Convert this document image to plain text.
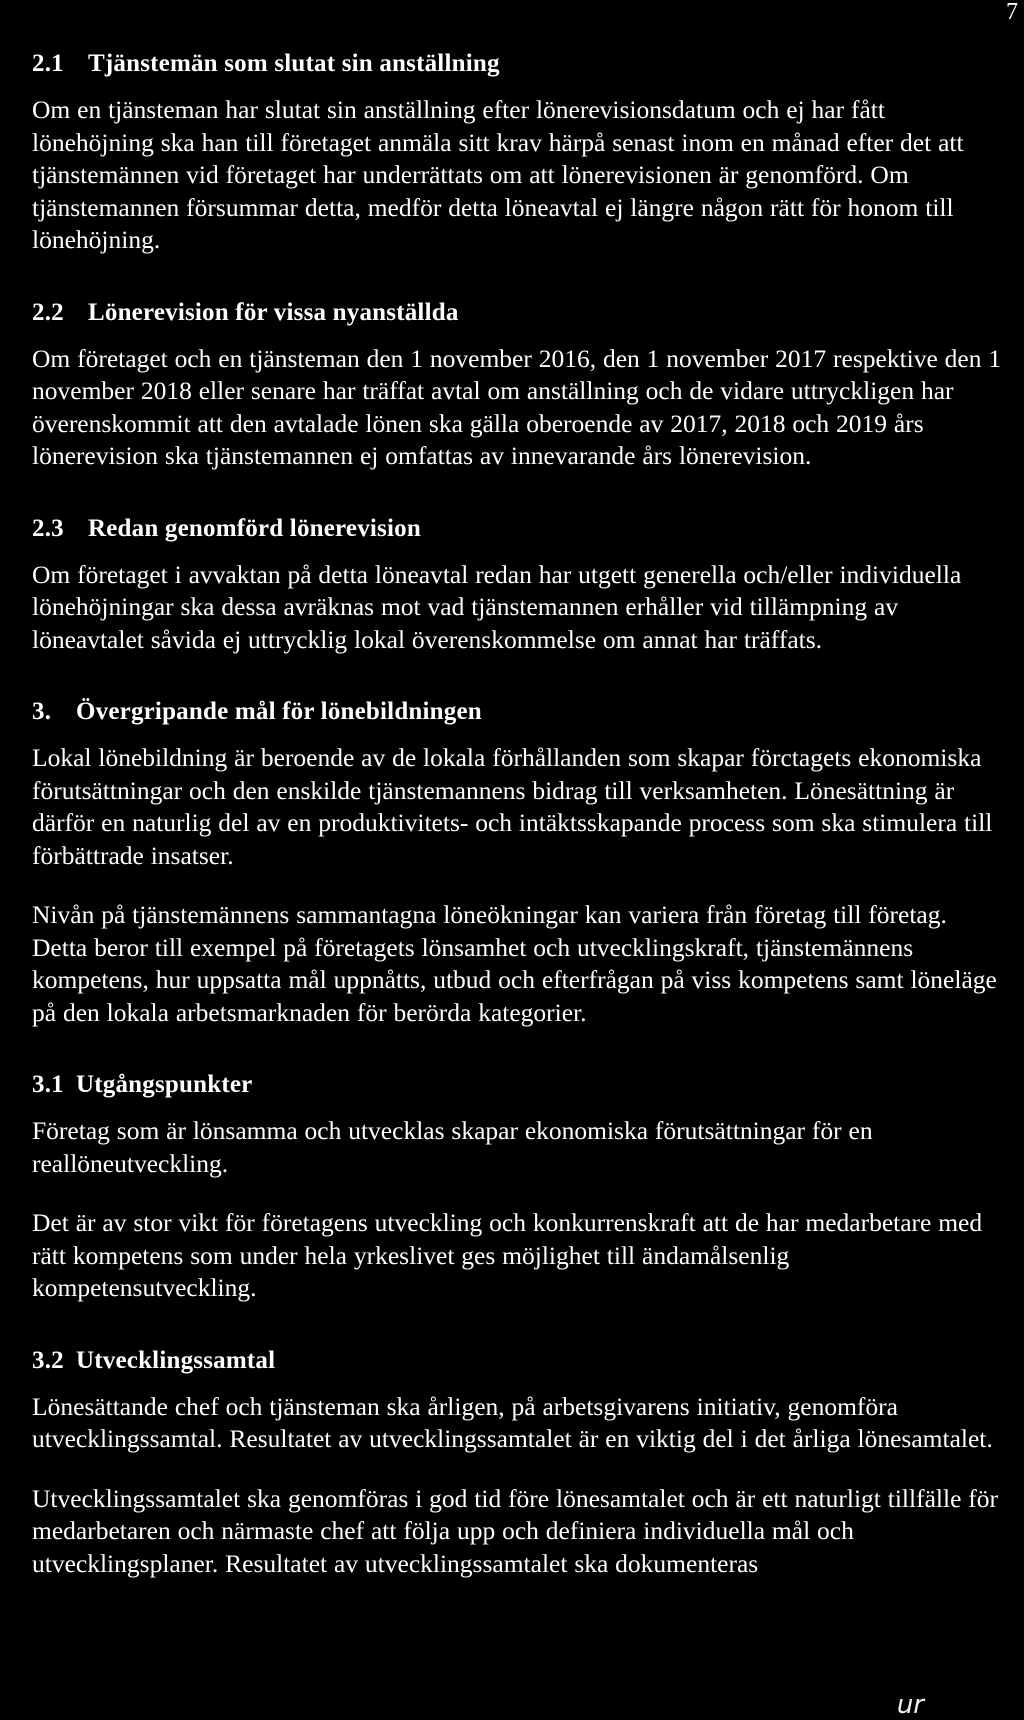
7
2.1 Tjänstemän som slutat sin anställning

Om en tjänsteman har slutat sin anställning efter lönerevisionsdatum och ej har fått lönehöjning ska han till företaget anmäla sitt krav härpå senast inom en månad efter det att tjänstemännen vid företaget har underrättats om att lönerevisionen är genomförd. Om tjänstemannen försummar detta, medför detta löneavtal ej längre någon rätt för honom till lönehöjning.

2.2 Lönerevision för vissa nyanställda

Om företaget och en tjänsteman den 1 november 2016, den 1 november 2017 respektive den 1 november 2018 eller senare har träffat avtal om anställning och de vidare uttryckligen har överenskommit att den avtalade lönen ska gälla oberoende av 2017, 2018 och 2019 års lönerevision ska tjänstemannen ej omfattas av innevarande års lönerevision.

2.3 Redan genomförd lönerevision

Om företaget i avvaktan på detta löneavtal redan har utgett generella och/eller individuella lönehöjningar ska dessa avräknas mot vad tjänstemannen erhåller vid tillämpning av löneavtalet såvida ej uttrycklig lokal överenskommelse om annat har träffats.

3. Övergripande mål för lönebildningen

Lokal lönebildning är beroende av de lokala förhållanden som skapar förctagets ekonomiska förutsättningar och den enskilde tjänstemannens bidrag till verksamheten. Lönesättning är därför en naturlig del av en produktivitets- och intäktsskapande process som ska stimulera till förbättrade insatser.

Nivån på tjänstemännens sammantagna löneökningar kan variera från företag till företag. Detta beror till exempel på företagets lönsamhet och utvecklingskraft, tjänstemännens kompetens, hur uppsatta mål uppnåtts, utbud och efterfrågan på viss kompetens samt löneläge på den lokala arbetsmarknaden för berörda kategorier.

3.1 Utgångspunkter

Företag som är lönsamma och utvecklas skapar ekonomiska förutsättningar för en reallöneutveckling.

Det är av stor vikt för företagens utveckling och konkurrenskraft att de har medarbetare med rätt kompetens som under hela yrkeslivet ges möjlighet till ändamålsenlig kompetensutveckling.

3.2 Utvecklingssamtal

Lönesättande chef och tjänsteman ska årligen, på arbetsgivarens initiativ, genomföra utvecklingssamtal. Resultatet av utvecklingssamtalet är en viktig del i det årliga lönesamtalet.

Utvecklingssamtalet ska genomföras i god tid före lönesamtalet och är ett naturligt tillfälle för medarbetaren och närmaste chef att följa upp och definiera individuella mål och utvecklingsplaner. Resultatet av utvecklingssamtalet ska dokumenteras

ur
